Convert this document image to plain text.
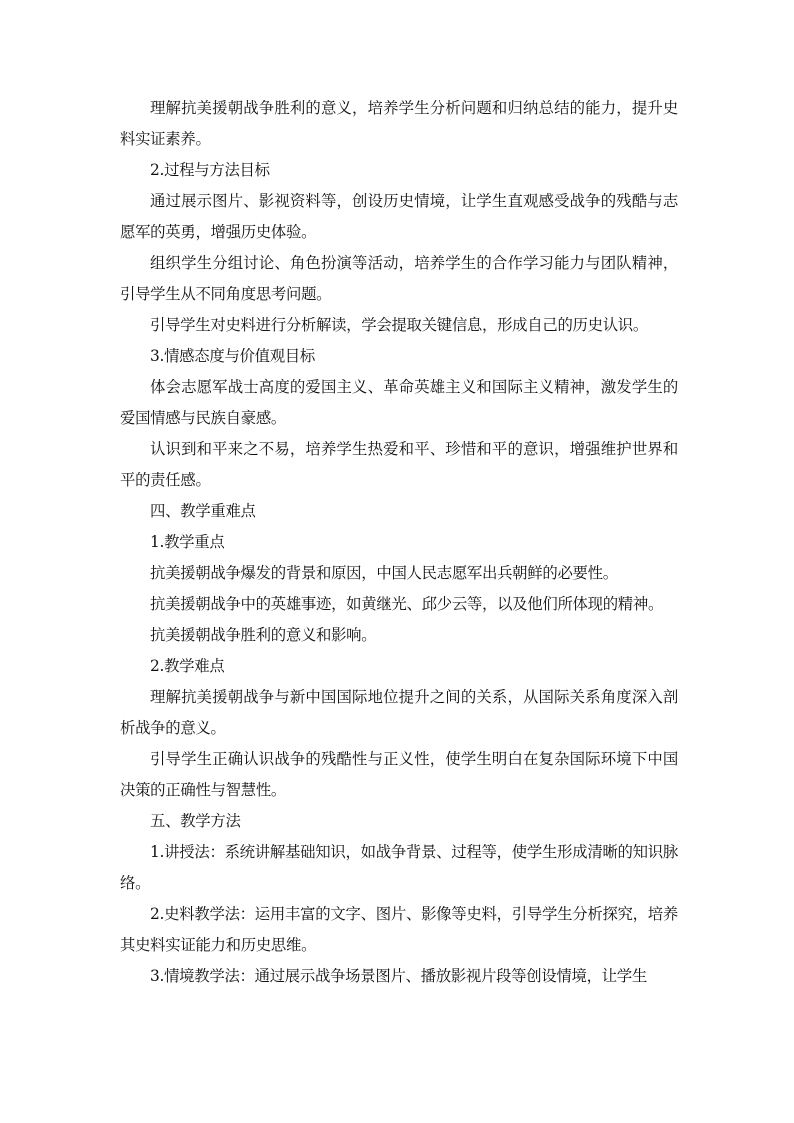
理解抗美援朝战争胜利的意义，培养学生分析问题和归纳总结的能力，提升史料实证素养。

2.过程与方法目标

通过展示图片、影视资料等，创设历史情境，让学生直观感受战争的残酷与志愿军的英勇，增强历史体验。

组织学生分组讨论、角色扮演等活动，培养学生的合作学习能力与团队精神，引导学生从不同角度思考问题。

引导学生对史料进行分析解读，学会提取关键信息，形成自己的历史认识。

3.情感态度与价值观目标

体会志愿军战士高度的爱国主义、革命英雄主义和国际主义精神，激发学生的爱国情感与民族自豪感。

认识到和平来之不易，培养学生热爱和平、珍惜和平的意识，增强维护世界和平的责任感。

四、教学重难点

1.教学重点

抗美援朝战争爆发的背景和原因，中国人民志愿军出兵朝鲜的必要性。

抗美援朝战争中的英雄事迹，如黄继光、邱少云等，以及他们所体现的精神。

抗美援朝战争胜利的意义和影响。

2.教学难点

理解抗美援朝战争与新中国国际地位提升之间的关系，从国际关系角度深入剖析战争的意义。

引导学生正确认识战争的残酷性与正义性，使学生明白在复杂国际环境下中国决策的正确性与智慧性。

五、教学方法

1.讲授法：系统讲解基础知识，如战争背景、过程等，使学生形成清晰的知识脉络。

2.史料教学法：运用丰富的文字、图片、影像等史料，引导学生分析探究，培养其史料实证能力和历史思维。

3.情境教学法：通过展示战争场景图片、播放影视片段等创设情境，让学生
